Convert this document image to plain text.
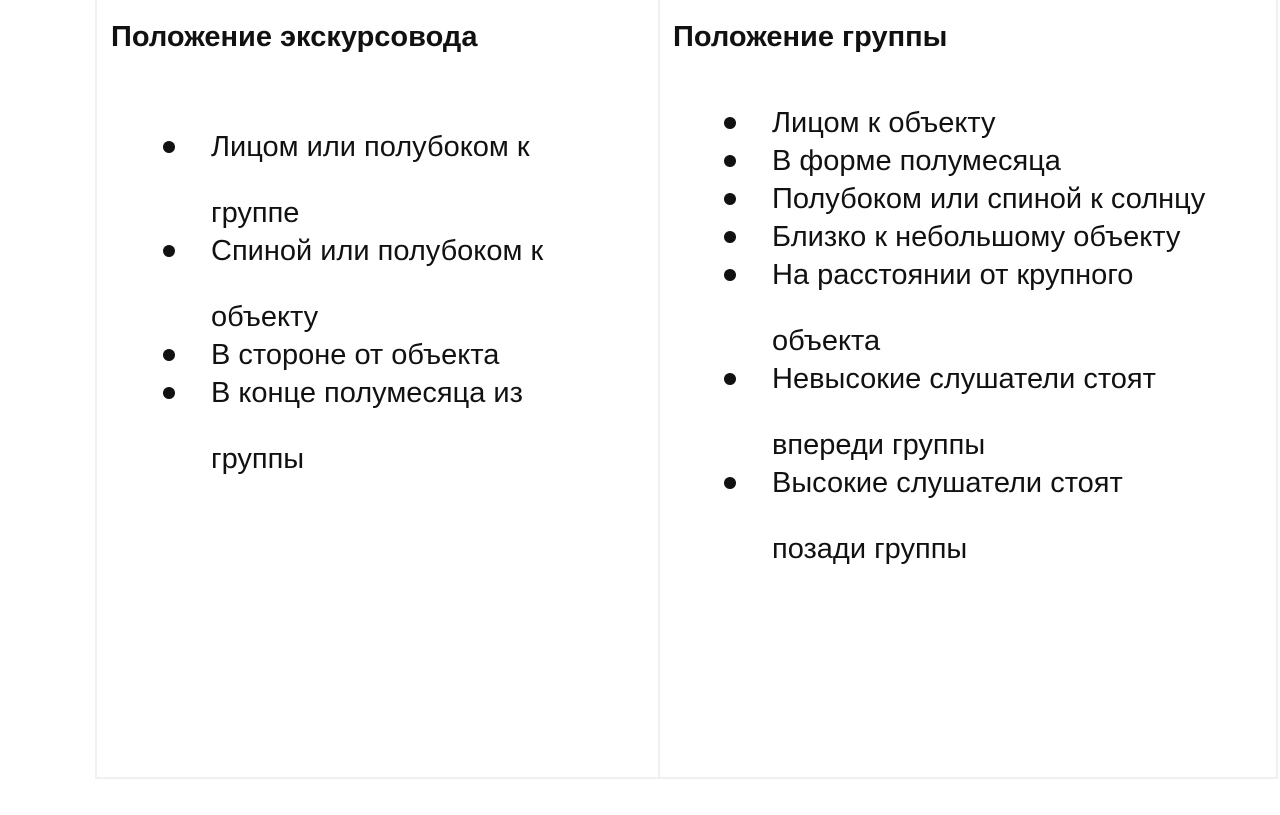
Положение экскурсовода
Лицом или полубоком к
группе
Спиной или полубоком к
объекту
В стороне от объекта
В конце полумесяца из
группы
Положение группы
Лицом к объекту
В форме полумесяца
Полубоком или спиной к солнцу
Близко к небольшому объекту
На расстоянии от крупного
объекта
Невысокие слушатели стоят
впереди группы
Высокие слушатели стоят
позади группы
